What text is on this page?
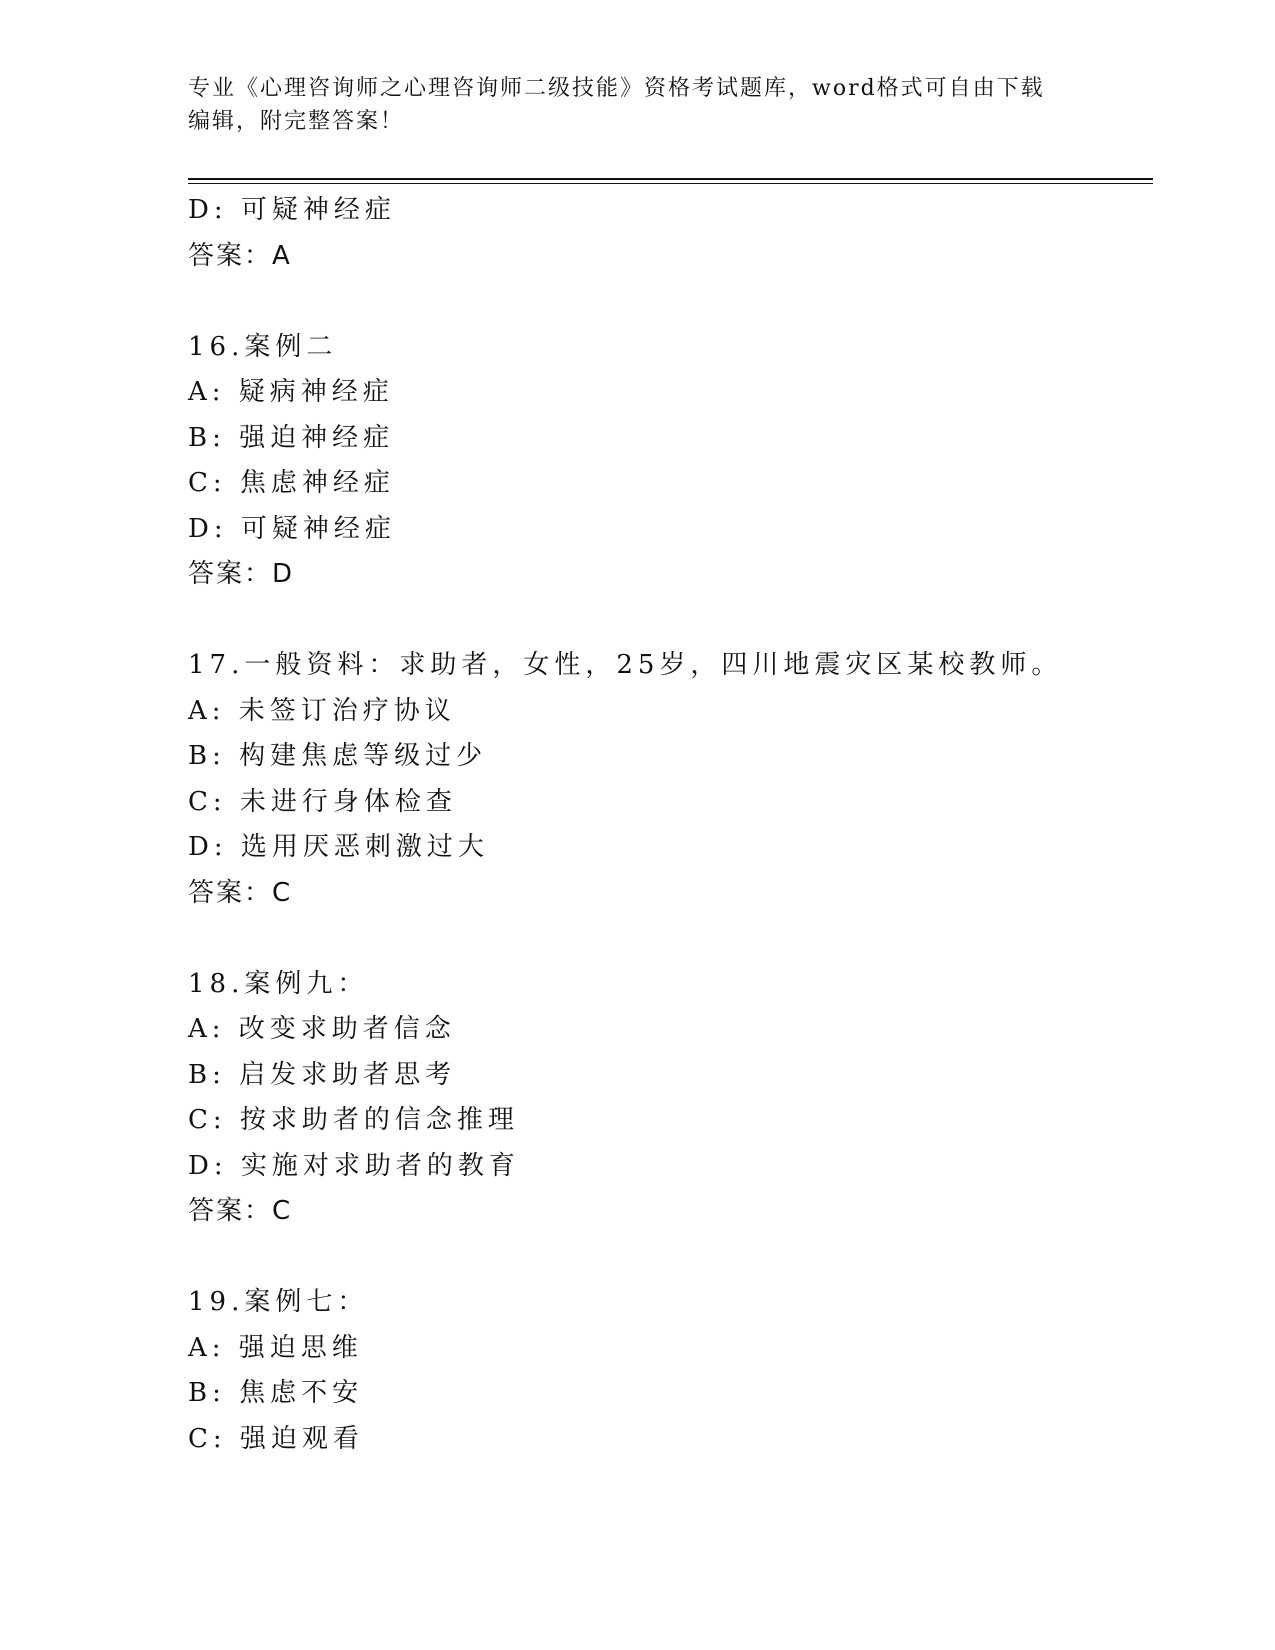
专业《心理咨询师之心理咨询师二级技能》资格考试题库，word格式可自由下载
编辑，附完整答案！
D: 可疑神经症
答案：A
16.案例二
A: 疑病神经症
B: 强迫神经症
C: 焦虑神经症
D: 可疑神经症
答案：D
17.一般资料：求助者，女性，25岁，四川地震灾区某校教师。
A: 未签订治疗协议
B: 构建焦虑等级过少
C: 未进行身体检查
D: 选用厌恶刺激过大
答案：C
18.案例九：
A: 改变求助者信念
B: 启发求助者思考
C: 按求助者的信念推理
D: 实施对求助者的教育
答案：C
19.案例七：
A: 强迫思维
B: 焦虑不安
C: 强迫观看
